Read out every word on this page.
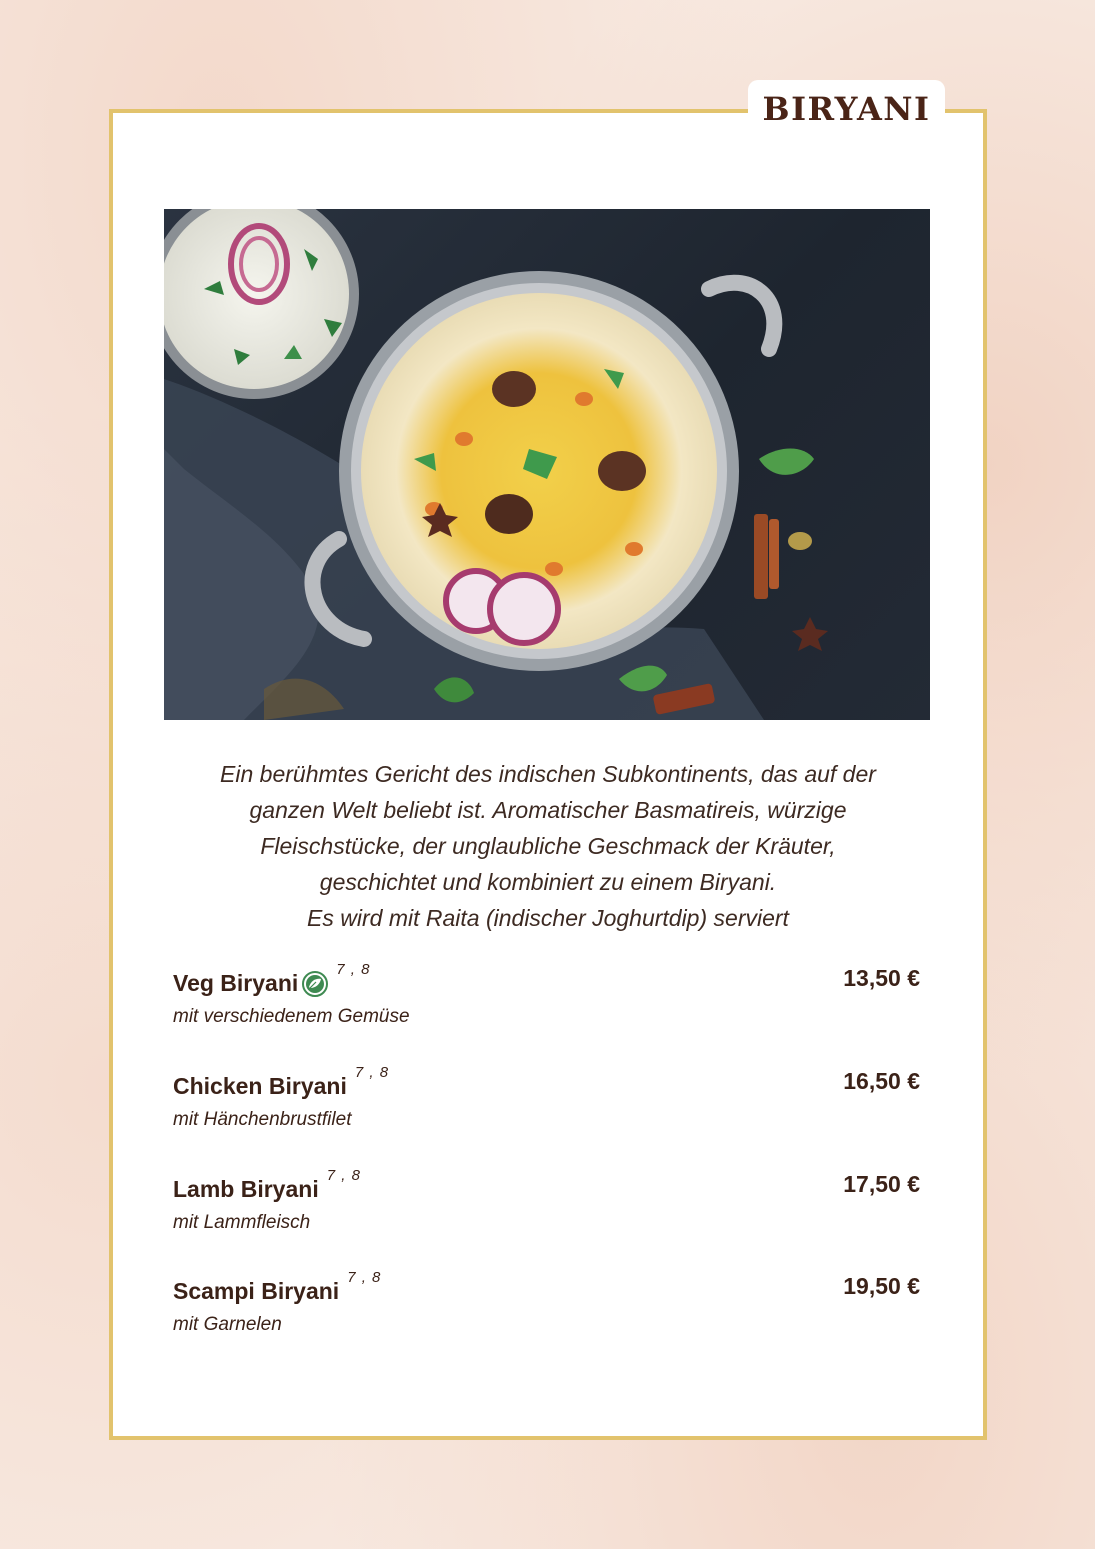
BIRYANI

Ein berühmtes Gericht des indischen Subkontinents, das auf der
ganzen Welt beliebt ist. Aromatischer Basmatireis, würzige
Fleischstücke, der unglaubliche Geschmack der Kräuter,
geschichtet und kombiniert zu einem Biryani.
Es wird mit Raita (indischer Joghurtdip) serviert

Veg Biryani
7 , 8
mit verschiedenem Gemüse
13,50 €
Chicken Biryani
7 , 8
mit Hänchenbrustfilet
16,50 €
Lamb Biryani
7 , 8
mit Lammfleisch
17,50 €
Scampi Biryani
7 , 8
mit Garnelen
19,50 €
